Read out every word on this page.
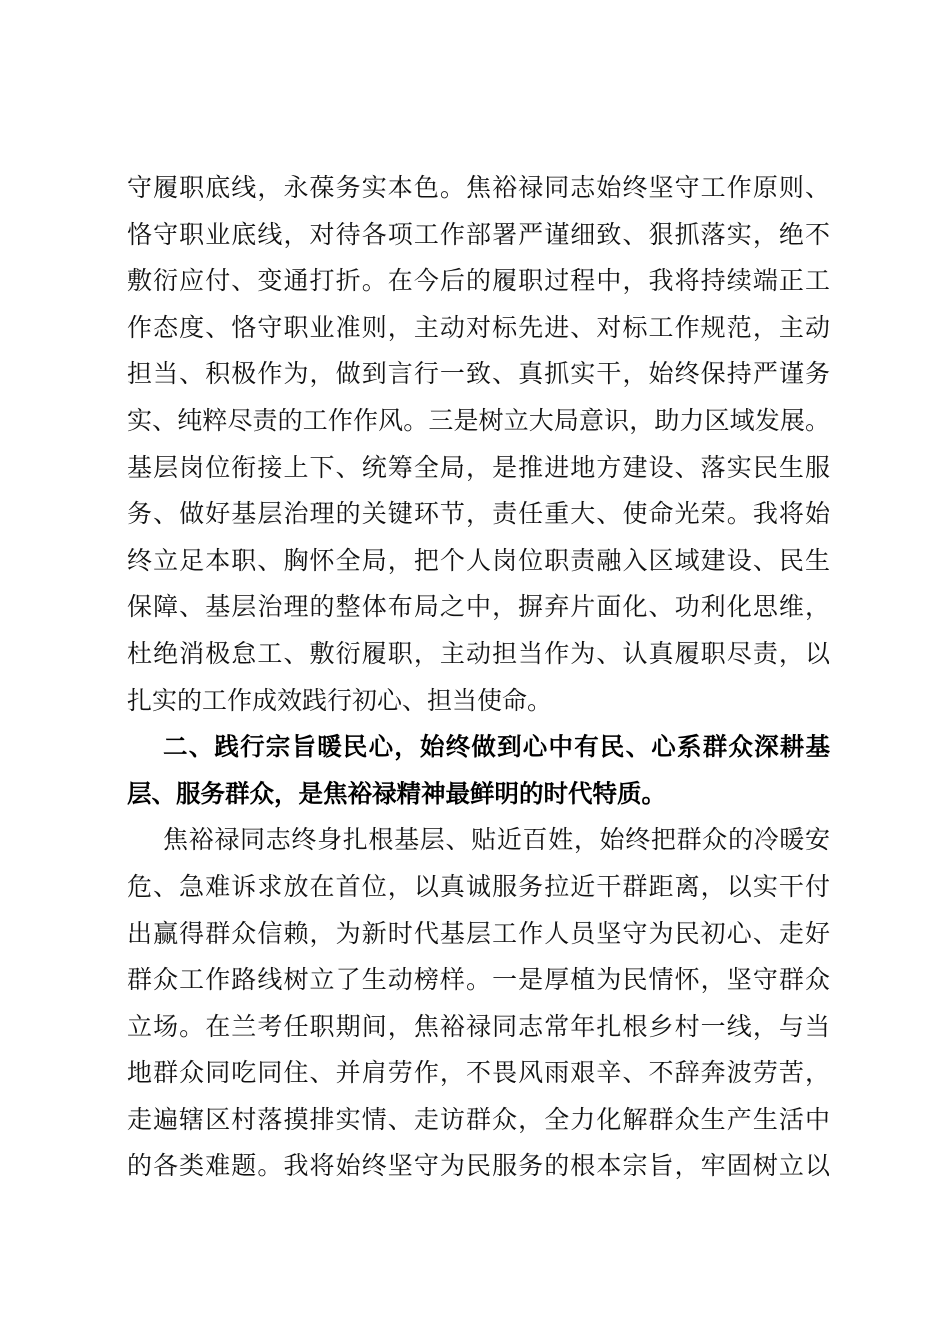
守履职底线，永葆务实本色。焦裕禄同志始终坚守工作原则、
恪守职业底线，对待各项工作部署严谨细致、狠抓落实，绝不
敷衍应付、变通打折。在今后的履职过程中，我将持续端正工
作态度、恪守职业准则，主动对标先进、对标工作规范，主动
担当、积极作为，做到言行一致、真抓实干，始终保持严谨务
实、纯粹尽责的工作作风。三是树立大局意识，助力区域发展。
基层岗位衔接上下、统筹全局，是推进地方建设、落实民生服
务、做好基层治理的关键环节，责任重大、使命光荣。我将始
终立足本职、胸怀全局，把个人岗位职责融入区域建设、民生
保障、基层治理的整体布局之中，摒弃片面化、功利化思维，
杜绝消极怠工、敷衍履职，主动担当作为、认真履职尽责，以
扎实的工作成效践行初心、担当使命。
二、践行宗旨暖民心，始终做到心中有民、心系群众深耕基
层、服务群众，是焦裕禄精神最鲜明的时代特质。
焦裕禄同志终身扎根基层、贴近百姓，始终把群众的冷暖安
危、急难诉求放在首位，以真诚服务拉近干群距离，以实干付
出赢得群众信赖，为新时代基层工作人员坚守为民初心、走好
群众工作路线树立了生动榜样。一是厚植为民情怀，坚守群众
立场。在兰考任职期间，焦裕禄同志常年扎根乡村一线，与当
地群众同吃同住、并肩劳作，不畏风雨艰辛、不辞奔波劳苦，
走遍辖区村落摸排实情、走访群众，全力化解群众生产生活中
的各类难题。我将始终坚守为民服务的根本宗旨，牢固树立以
